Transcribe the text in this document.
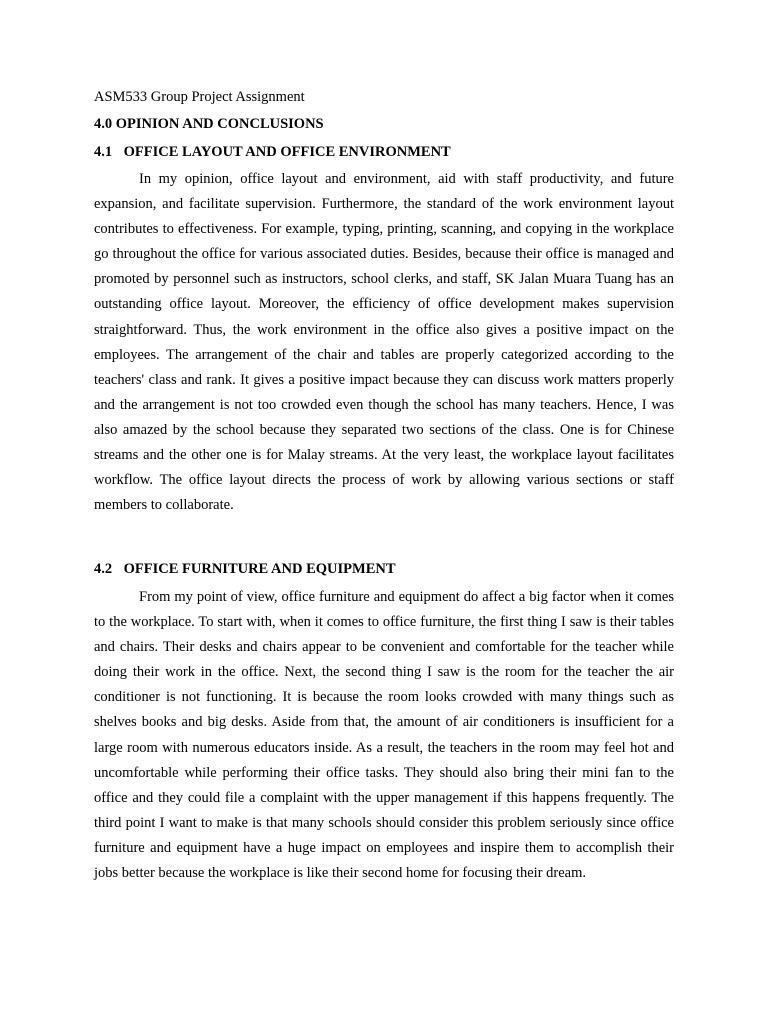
ASM533 Group Project Assignment
4.0 OPINION AND CONCLUSIONS
4.1 OFFICE LAYOUT AND OFFICE ENVIRONMENT

In my opinion, office layout and environment, aid with staff productivity, and future expansion, and facilitate supervision. Furthermore, the standard of the work environment layout contributes to effectiveness. For example, typing, printing, scanning, and copying in the workplace go throughout the office for various associated duties. Besides, because their office is managed and promoted by personnel such as instructors, school clerks, and staff, SK Jalan Muara Tuang has an outstanding office layout. Moreover, the efficiency of office development makes supervision straightforward. Thus, the work environment in the office also gives a positive impact on the employees. The arrangement of the chair and tables are properly categorized according to the teachers' class and rank. It gives a positive impact because they can discuss work matters properly and the arrangement is not too crowded even though the school has many teachers. Hence, I was also amazed by the school because they separated two sections of the class. One is for Chinese streams and the other one is for Malay streams. At the very least, the workplace layout facilitates workflow. The office layout directs the process of work by allowing various sections or staff members to collaborate.

4.2 OFFICE FURNITURE AND EQUIPMENT

From my point of view, office furniture and equipment do affect a big factor when it comes to the workplace. To start with, when it comes to office furniture, the first thing I saw is their tables and chairs. Their desks and chairs appear to be convenient and comfortable for the teacher while doing their work in the office. Next, the second thing I saw is the room for the teacher the air conditioner is not functioning. It is because the room looks crowded with many things such as shelves books and big desks. Aside from that, the amount of air conditioners is insufficient for a large room with numerous educators inside. As a result, the teachers in the room may feel hot and uncomfortable while performing their office tasks. They should also bring their mini fan to the office and they could file a complaint with the upper management if this happens frequently. The third point I want to make is that many schools should consider this problem seriously since office furniture and equipment have a huge impact on employees and inspire them to accomplish their jobs better because the workplace is like their second home for focusing their dream.
